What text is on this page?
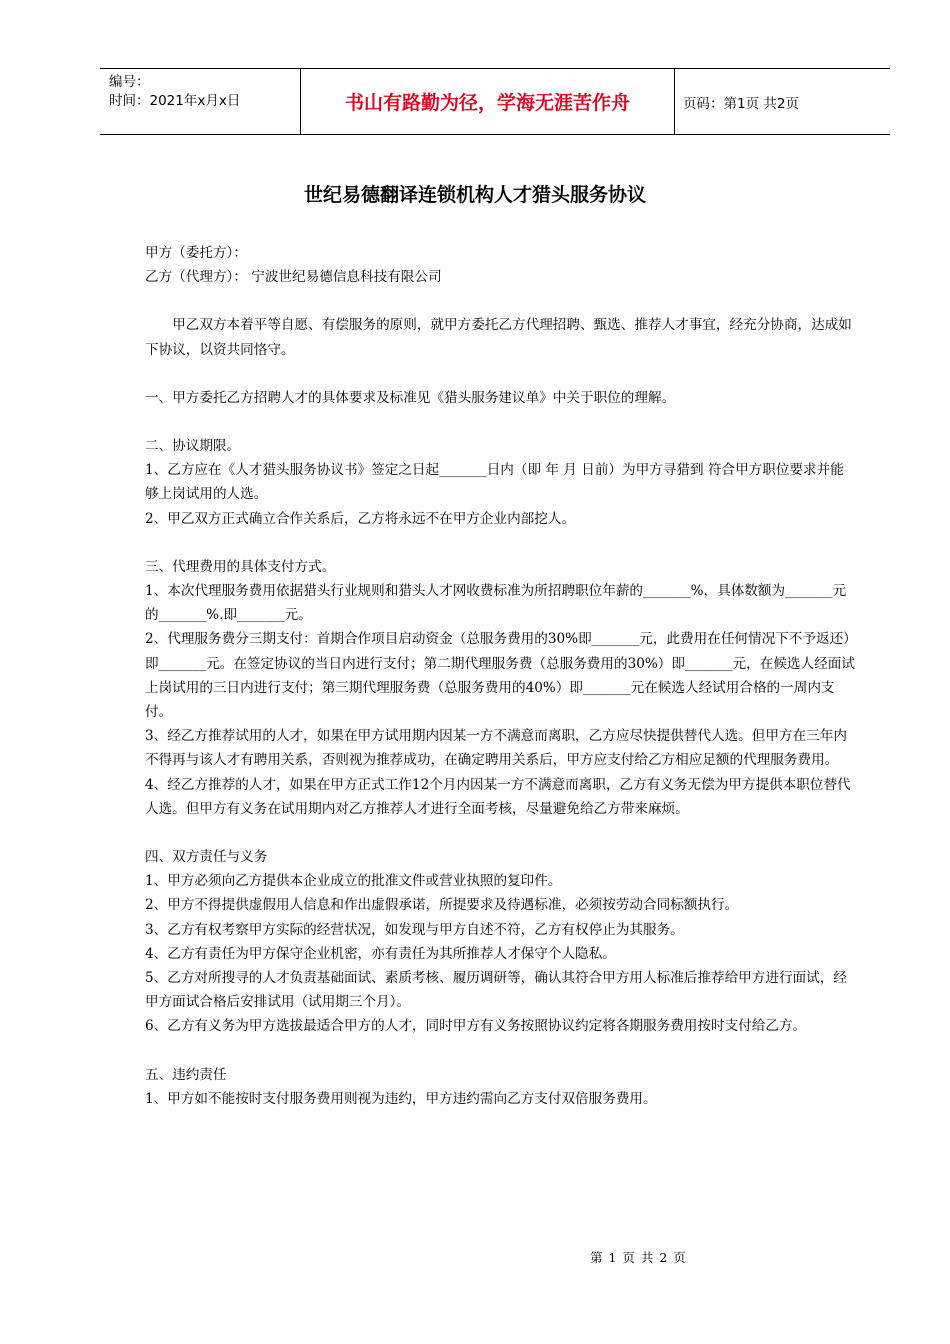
编号：
时间：2021年x月x日	书山有路勤为径，学海无涯苦作舟	页码：第1页 共2页
世纪易德翻译连锁机构人才猎头服务协议

甲方（委托方）：

乙方（代理方）： 宁波世纪易德信息科技有限公司

甲乙双方本着平等自愿、有偿服务的原则，就甲方委托乙方代理招聘、甄选、推荐人才事宜，经充分协商，达成如下协议，以资共同恪守。

一、甲方委托乙方招聘人才的具体要求及标准见《猎头服务建议单》中关于职位的理解。

二、协议期限。

1、乙方应在《人才猎头服务协议书》签定之日起_______日内（即 年 月 日前）为甲方寻猎到 符合甲方职位要求并能够上岗试用的人选。

2、甲乙双方正式确立合作关系后，乙方将永远不在甲方企业内部挖人。

三、代理费用的具体支付方式。

1、本次代理服务费用依据猎头行业规则和猎头人才网收费标准为所招聘职位年薪的_______%，具体数额为_______元的_______%.即_______元。

2、代理服务费分三期支付：首期合作项目启动资金（总服务费用的30%即_______元，此费用在任何情况下不予返还）即_______元。在签定协议的当日内进行支付；第二期代理服务费（总服务费用的30%）即_______元，在候选人经面试上岗试用的三日内进行支付；第三期代理服务费（总服务费用的40%）即_______元在候选人经试用合格的一周内支付。

3、经乙方推荐试用的人才，如果在甲方试用期内因某一方不满意而离职，乙方应尽快提供替代人选。但甲方在三年内不得再与该人才有聘用关系，否则视为推荐成功，在确定聘用关系后，甲方应支付给乙方相应足额的代理服务费用。

4、经乙方推荐的人才，如果在甲方正式工作12个月内因某一方不满意而离职，乙方有义务无偿为甲方提供本职位替代人选。但甲方有义务在试用期内对乙方推荐人才进行全面考核，尽量避免给乙方带来麻烦。

四、双方责任与义务

1、甲方必须向乙方提供本企业成立的批准文件或营业执照的复印件。

2、甲方不得提供虚假用人信息和作出虚假承诺，所提要求及待遇标准，必须按劳动合同标额执行。

3、乙方有权考察甲方实际的经营状况，如发现与甲方自述不符，乙方有权停止为其服务。

4、乙方有责任为甲方保守企业机密，亦有责任为其所推荐人才保守个人隐私。

5、乙方对所搜寻的人才负责基础面试、素质考核、履历调研等，确认其符合甲方用人标准后推荐给甲方进行面试，经甲方面试合格后安排试用（试用期三个月）。

6、乙方有义务为甲方选拔最适合甲方的人才，同时甲方有义务按照协议约定将各期服务费用按时支付给乙方。

五、违约责任

1、甲方如不能按时支付服务费用则视为违约，甲方违约需向乙方支付双倍服务费用。

第 1 页 共 2 页
